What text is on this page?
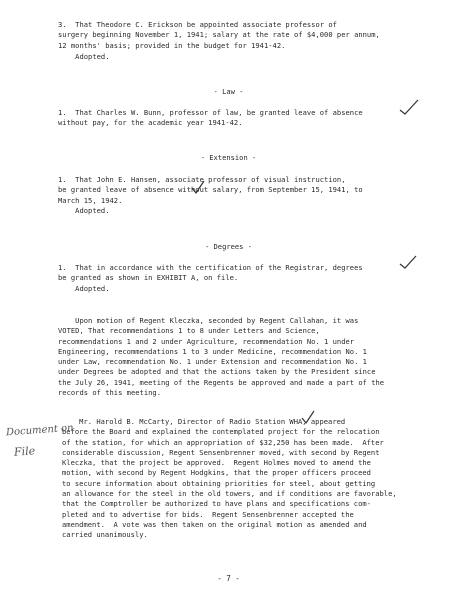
3.  That Theodore C. Erickson be appointed associate professor of
surgery beginning November 1, 1941; salary at the rate of $4,000 per annum,
12 months' basis; provided in the budget for 1941-42.
Adopted.
- Law -
1.  That Charles W. Bunn, professor of law, be granted leave of absence
without pay, for the academic year 1941-42.
- Extension -
1.  That John E. Hansen, associate professor of visual instruction,
be granted leave of absence without salary, from September 15, 1941, to
March 15, 1942.
Adopted.
- Degrees -
1.  That in accordance with the certification of the Registrar, degrees
be granted as shown in EXHIBIT A, on file.
Adopted.
Upon motion of Regent Kleczka, seconded by Regent Callahan, it was
VOTED, That recommendations 1 to 8 under Letters and Science,
recommendations 1 and 2 under Agriculture, recommendation No. 1 under
Engineering, recommendations 1 to 3 under Medicine, recommendation No. 1
under Law, recommendation No. 1 under Extension and recommendation No. 1
under Degrees be adopted and that the actions taken by the President since
the July 26, 1941, meeting of the Regents be approved and made a part of the
records of this meeting.
Mr. Harold B. McCarty, Director of Radio Station WHA, appeared
before the Board and explained the contemplated project for the relocation
of the station, for which an appropriation of $32,250 has been made.  After
considerable discussion, Regent Sensenbrenner moved, with second by Regent
Kleczka, that the project be approved.  Regent Holmes moved to amend the
motion, with second by Regent Hodgkins, that the proper officers proceed
to secure information about obtaining priorities for steel, about getting
an allowance for the steel in the old towers, and if conditions are favorable,
that the Comptroller be authorized to have plans and specifications com-
pleted and to advertise for bids.  Regent Sensenbrenner accepted the
amendment.  A vote was then taken on the original motion as amended and
carried unanimously.
Document on
File
- 7 -
